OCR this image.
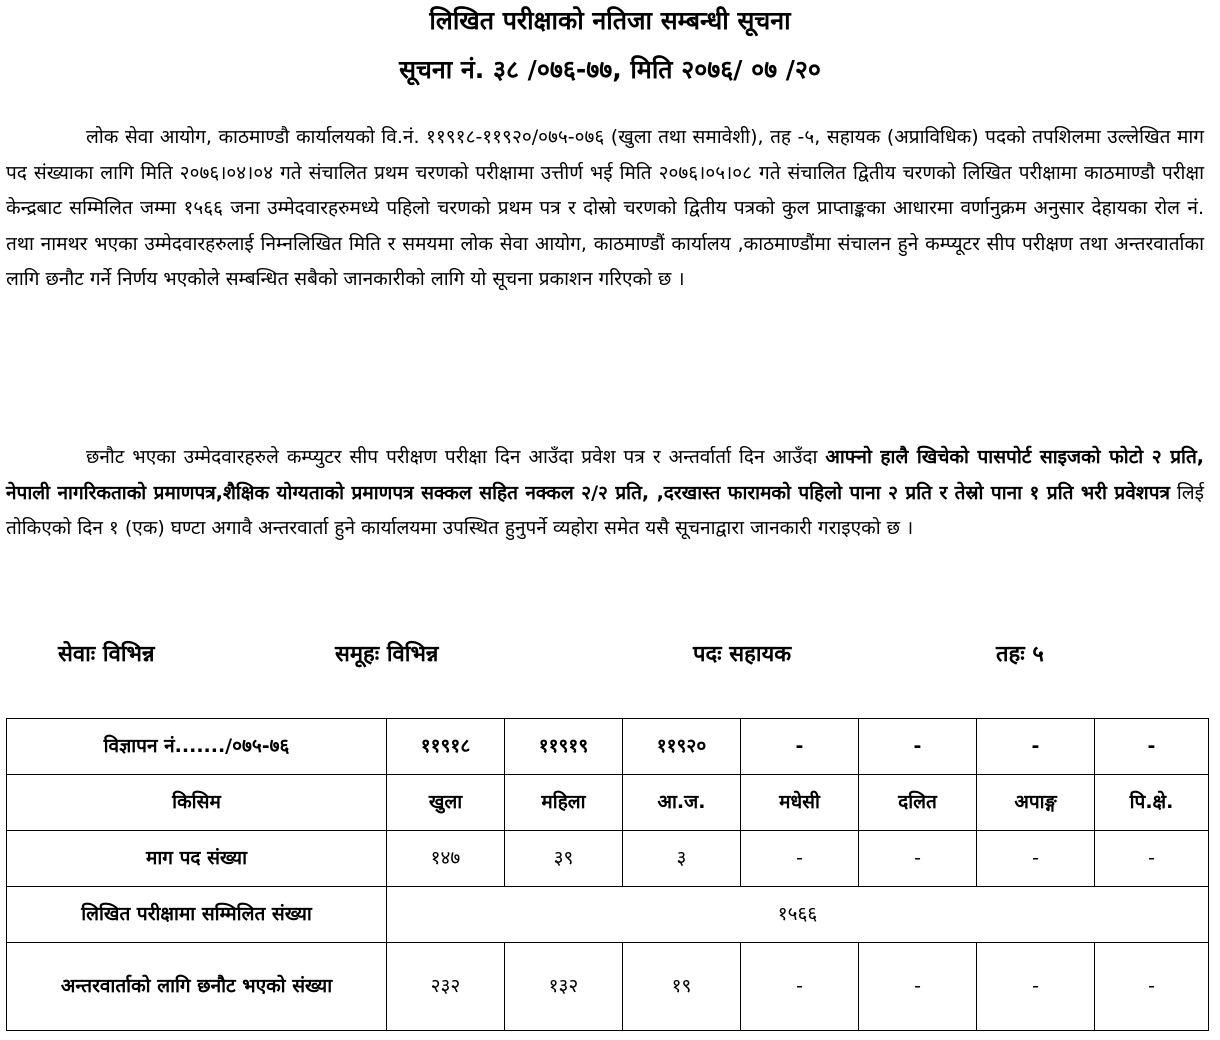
लिखित परीक्षाको नतिजा सम्बन्धी सूचना
सूचना नं. ३८ /०७६-७७, मिति २०७६/ ०७ /२०
लोक सेवा आयोग, काठमाण्डौ कार्यालयको वि.नं. ११९१८-११९२०/०७५-०७६ (खुला तथा समावेशी), तह -५, सहायक (अप्राविधिक) पदको तपशिलमा उल्लेखित माग पद संख्याका लागि मिति २०७६।०४।०४ गते संचालित प्रथम चरणको परीक्षामा उत्तीर्ण भई मिति २०७६।०५।०८ गते संचालित द्वितीय चरणको लिखित परीक्षामा काठमाण्डौ परीक्षा केन्द्रबाट सम्मिलित जम्मा १५६६ जना उम्मेदवारहरुमध्ये पहिलो चरणको प्रथम पत्र र दोस्रो चरणको द्वितीय पत्रको कुल प्राप्ताङ्कका आधारमा वर्णानुक्रम अनुसार देहायका रोल नं. तथा नामथर भएका उम्मेदवारहरुलाई निम्नलिखित मिति र समयमा लोक सेवा आयोग, काठमाण्डौं कार्यालय ,काठमाण्डौंमा संचालन हुने कम्प्यूटर सीप परीक्षण तथा अन्तरवार्ताका लागि छनौट गर्ने निर्णय भएकोले सम्बन्धित सबैको जानकारीको लागि यो सूचना प्रकाशन गरिएको छ ।
छनौट भएका उम्मेदवारहरुले कम्प्युटर सीप परीक्षण परीक्षा दिन आउँदा प्रवेश पत्र र अन्तर्वार्ता दिन आउँदा आफ्नो हालै खिचेको पासपोर्ट साइजको फोटो २ प्रति, नेपाली नागरिकताको प्रमाणपत्र,शैक्षिक योग्यताको प्रमाणपत्र सक्कल सहित नक्कल २/२ प्रति, ,दरखास्त फारामको पहिलो पाना २ प्रति र तेस्रो पाना १ प्रति भरी प्रवेशपत्र लिई तोकिएको दिन १ (एक) घण्टा अगावै अन्तरवार्ता हुने कार्यालयमा उपस्थित हुनुपर्ने व्यहोरा समेत यसै सूचनाद्वारा जानकारी गराइएको छ ।
सेवाः विभिन्न	समूहः विभिन्न	पदः सहायक	तहः ५
विज्ञापन नं......./०७५-७६	११९१८	११९१९	११९२०	-	-	-	-
किसिम	खुला	महिला	आ.ज.	मधेसी	दलित	अपाङ्ग	पि.क्षे.
माग पद संख्या	१४७	३९	३	-	-	-	-
लिखित परीक्षामा सम्मिलित संख्या	१५६६						
अन्तरवार्ताको लागि छनौट भएको संख्या	२३२	१३२	१९	-	-	-	-
